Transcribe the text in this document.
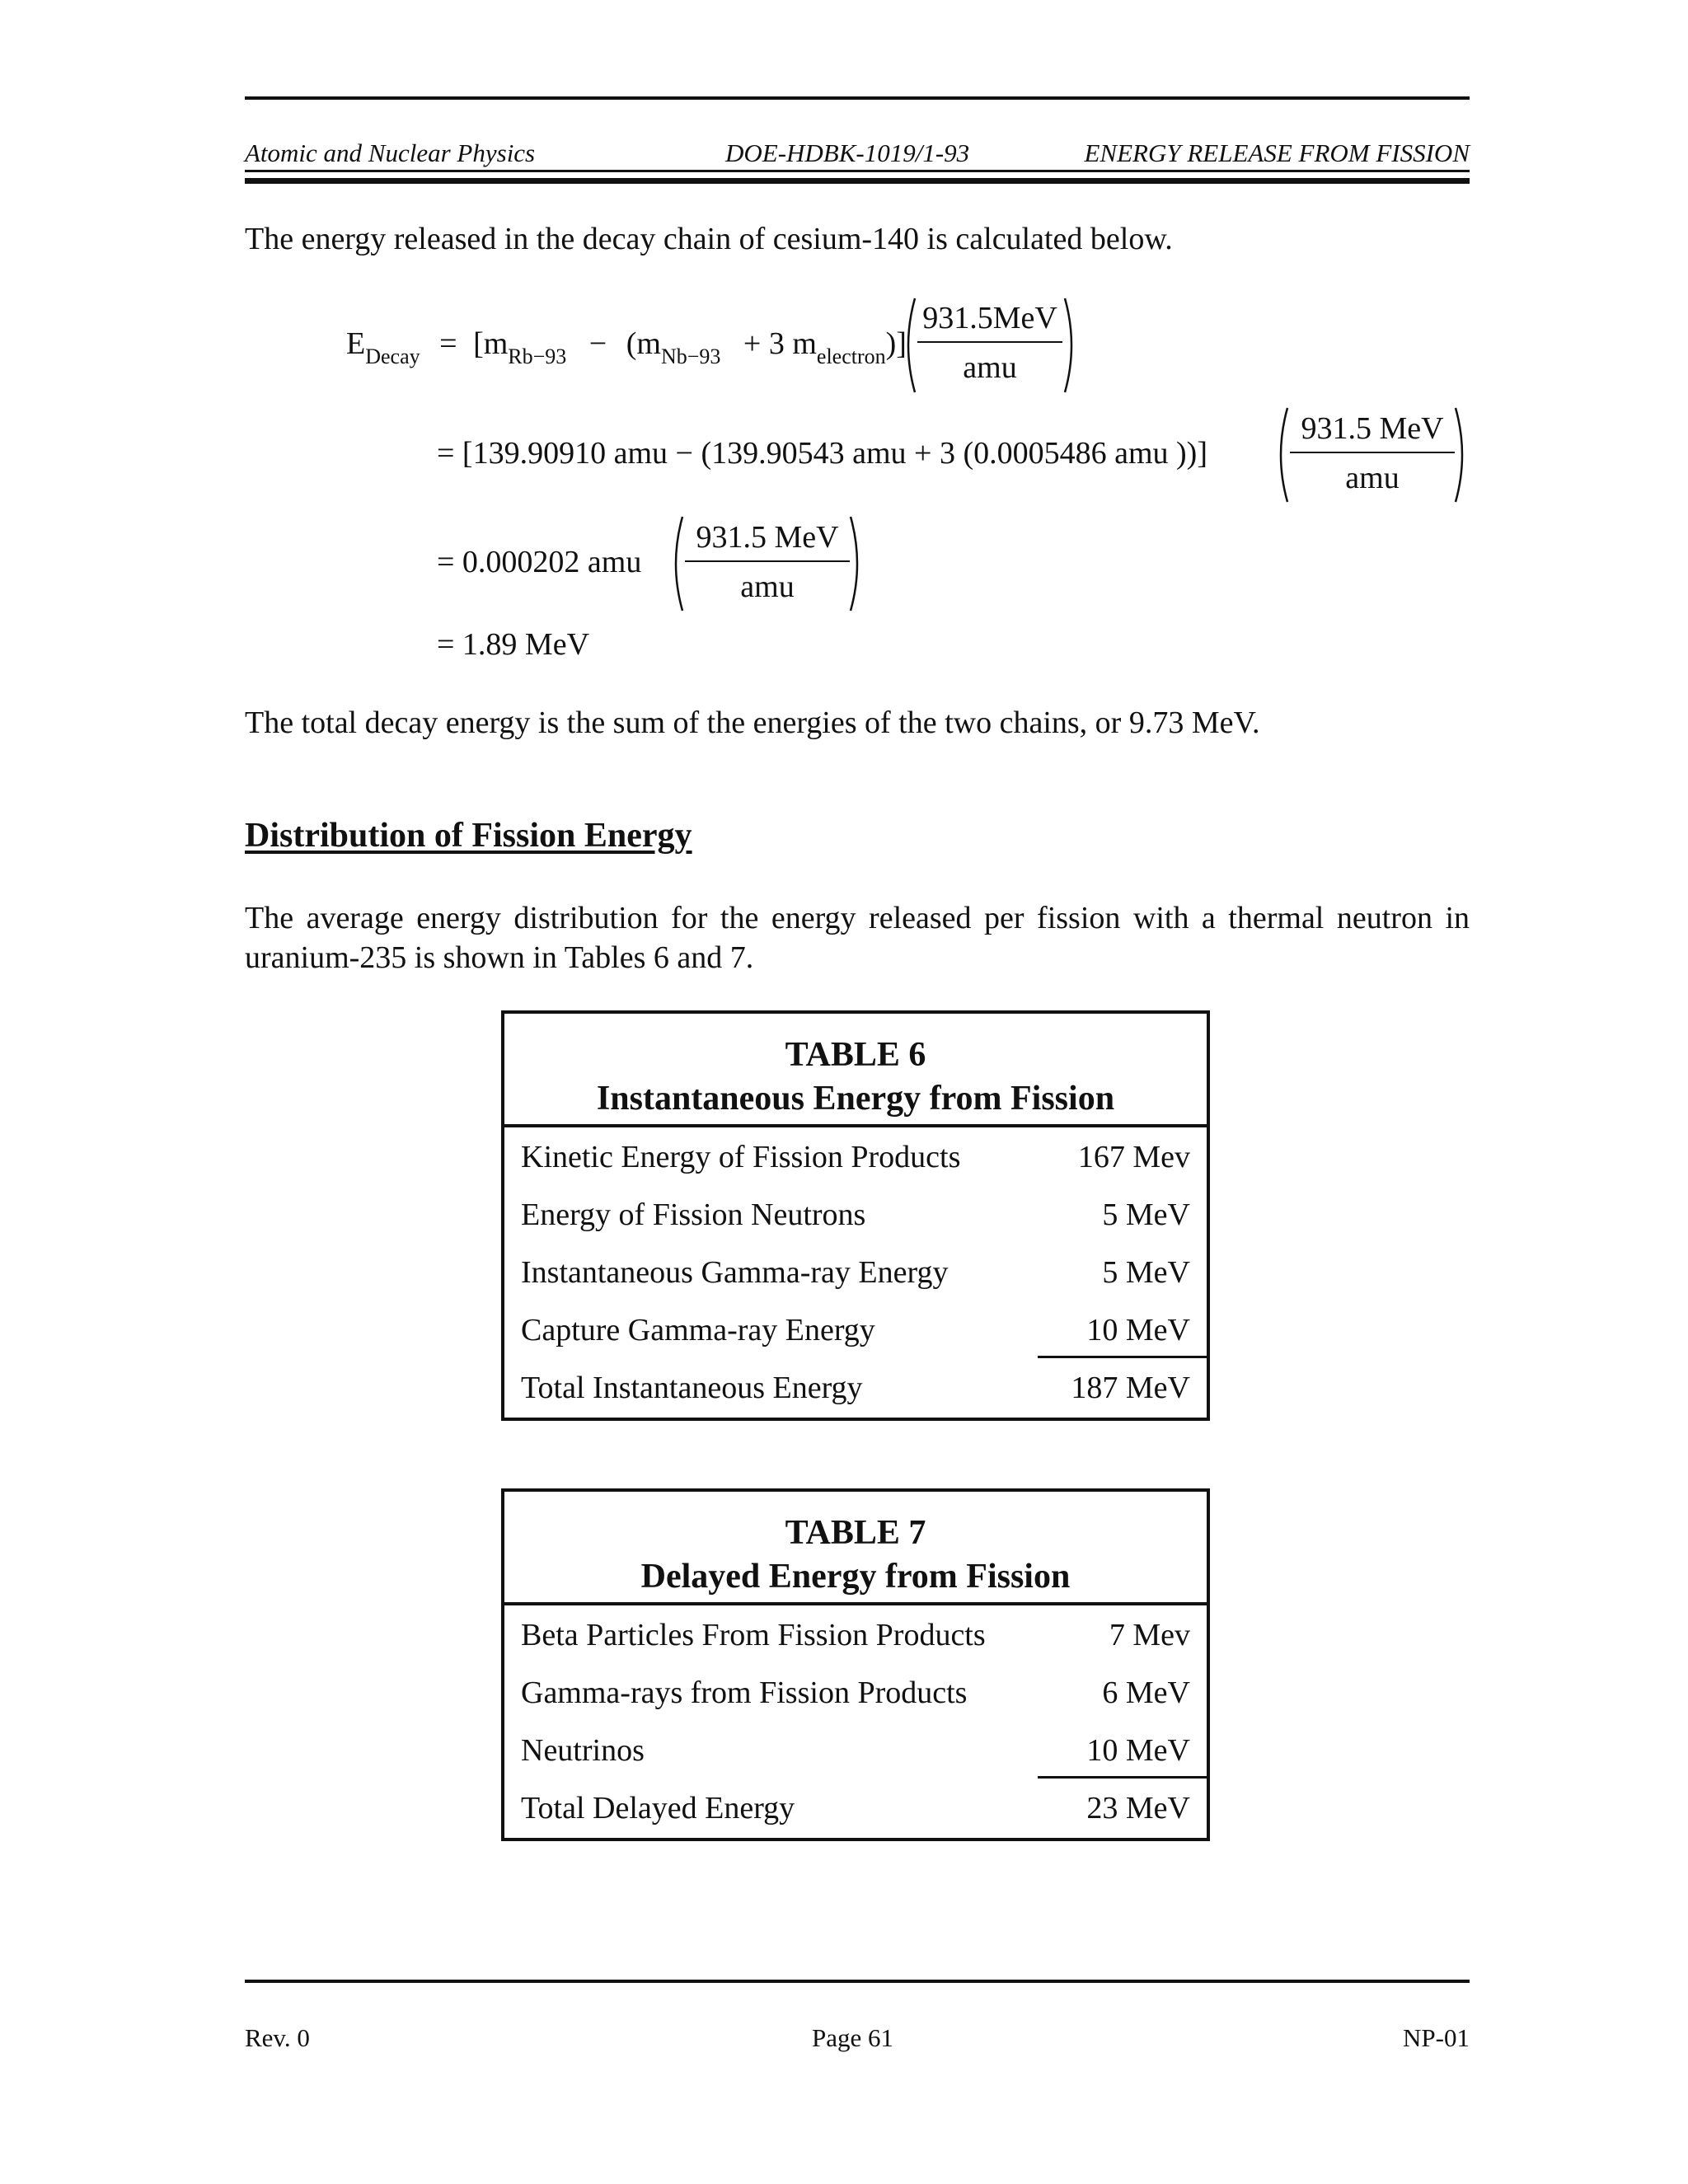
Atomic and Nuclear Physics	DOE-HDBK-1019/1-93	ENERGY RELEASE FROM FISSION
The energy released in the decay chain of cesium-140 is calculated below.
$E_{Decay} = [m_{Rb-93} - (m_{Nb-93} + 3$ $m_{electron}$)]
931.5MeV
amu
= [139.90910 amu − (139.90543 amu + 3 (0.0005486 amu ))]
931.5 MeV
amu
= 0.000202 amu
931.5 MeV
amu
= 1.89 MeV
The total decay energy is the sum of the energies of the two chains, or 9.73 MeV.
Distribution of Fission Energy
The average energy distribution for the energy released per fission with a thermal neutron in uranium-235 is shown in Tables 6 and 7.
TABLE 6
Instantaneous Energy from Fission
Kinetic Energy of Fission Products	167 Mev
Energy of Fission Neutrons	5 MeV
Instantaneous Gamma-ray Energy	5 MeV
Capture Gamma-ray Energy	10 MeV
Total Instantaneous Energy	187 MeV
TABLE 7
Delayed Energy from Fission
Beta Particles From Fission Products	7 Mev
Gamma-rays from Fission Products	6 MeV
Neutrinos	10 MeV
Total Delayed Energy	23 MeV
Rev. 0	Page 61	NP-01
